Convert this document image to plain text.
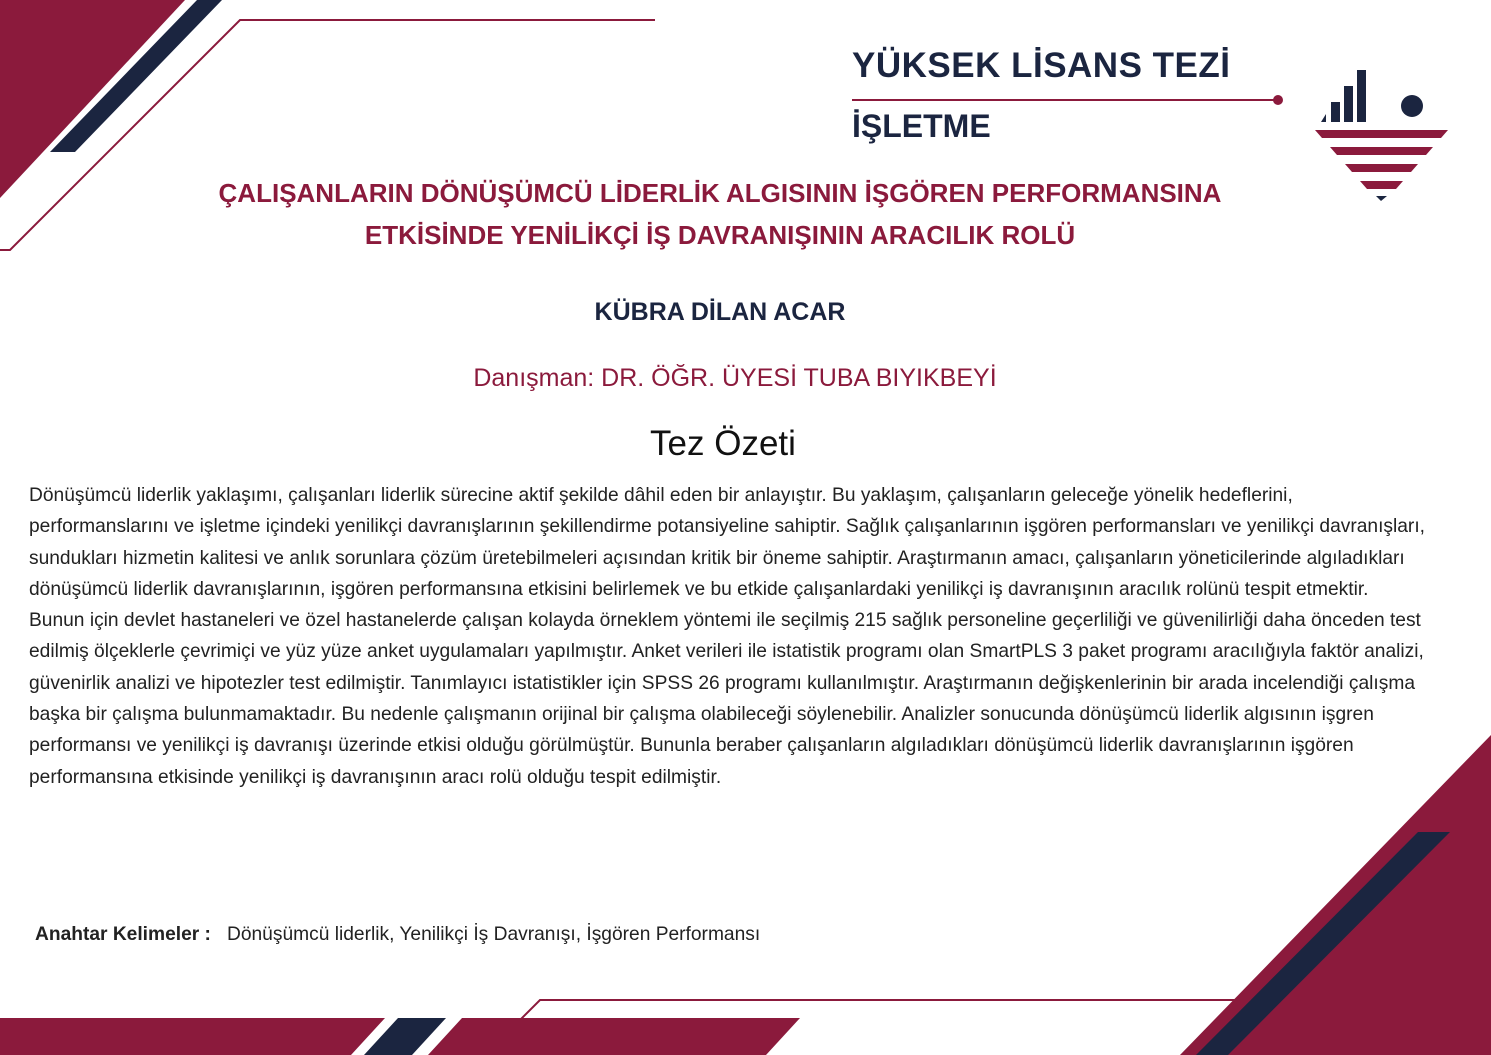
YÜKSEK LİSANS TEZİ
İŞLETME
ÇALIŞANLARIN DÖNÜŞÜMCÜ LİDERLİK ALGISININ İŞGÖREN PERFORMANSINA
ETKİSİNDE YENİLİKÇİ İŞ DAVRANIŞININ ARACILIK ROLÜ
KÜBRA DİLAN ACAR
Danışman: DR. ÖĞR. ÜYESİ TUBA BIYIKBEYİ
Tez Özeti
Dönüşümcü liderlik yaklaşımı, çalışanları liderlik sürecine aktif şekilde dâhil eden bir anlayıştır. Bu yaklaşım, çalışanların geleceğe yönelik hedeflerini, performanslarını ve işletme içindeki yenilikçi davranışlarının şekillendirme potansiyeline sahiptir. Sağlık çalışanlarının işgören performansları ve yenilikçi davranışları, sundukları hizmetin kalitesi ve anlık sorunlara çözüm üretebilmeleri açısından kritik bir öneme sahiptir. Araştırmanın amacı, çalışanların yöneticilerinde algıladıkları dönüşümcü liderlik davranışlarının, işgören performansına etkisini belirlemek ve bu etkide çalışanlardaki yenilikçi iş davranışının aracılık rolünü tespit etmektir. Bunun için devlet hastaneleri ve özel hastanelerde çalışan kolayda örneklem yöntemi ile seçilmiş 215 sağlık personeline geçerliliği ve güvenilirliği daha önceden test edilmiş ölçeklerle çevrimiçi ve yüz yüze anket uygulamaları yapılmıştır. Anket verileri ile istatistik programı olan SmartPLS 3 paket programı aracılığıyla faktör analizi, güvenirlik analizi ve hipotezler test edilmiştir. Tanımlayıcı istatistikler için SPSS 26 programı kullanılmıştır. Araştırmanın değişkenlerinin bir arada incelendiği çalışma başka bir çalışma bulunmamaktadır. Bu nedenle çalışmanın orijinal bir çalışma olabileceği söylenebilir. Analizler sonucunda dönüşümcü liderlik algısının işgren performansı ve yenilikçi iş davranışı üzerinde etkisi olduğu görülmüştür. Bununla beraber çalışanların algıladıkları dönüşümcü liderlik davranışlarının işgören performansına etkisinde yenilikçi iş davranışının aracı rolü olduğu tespit edilmiştir.
Anahtar Kelimeler : Dönüşümcü liderlik, Yenilikçi İş Davranışı, İşgören Performansı
